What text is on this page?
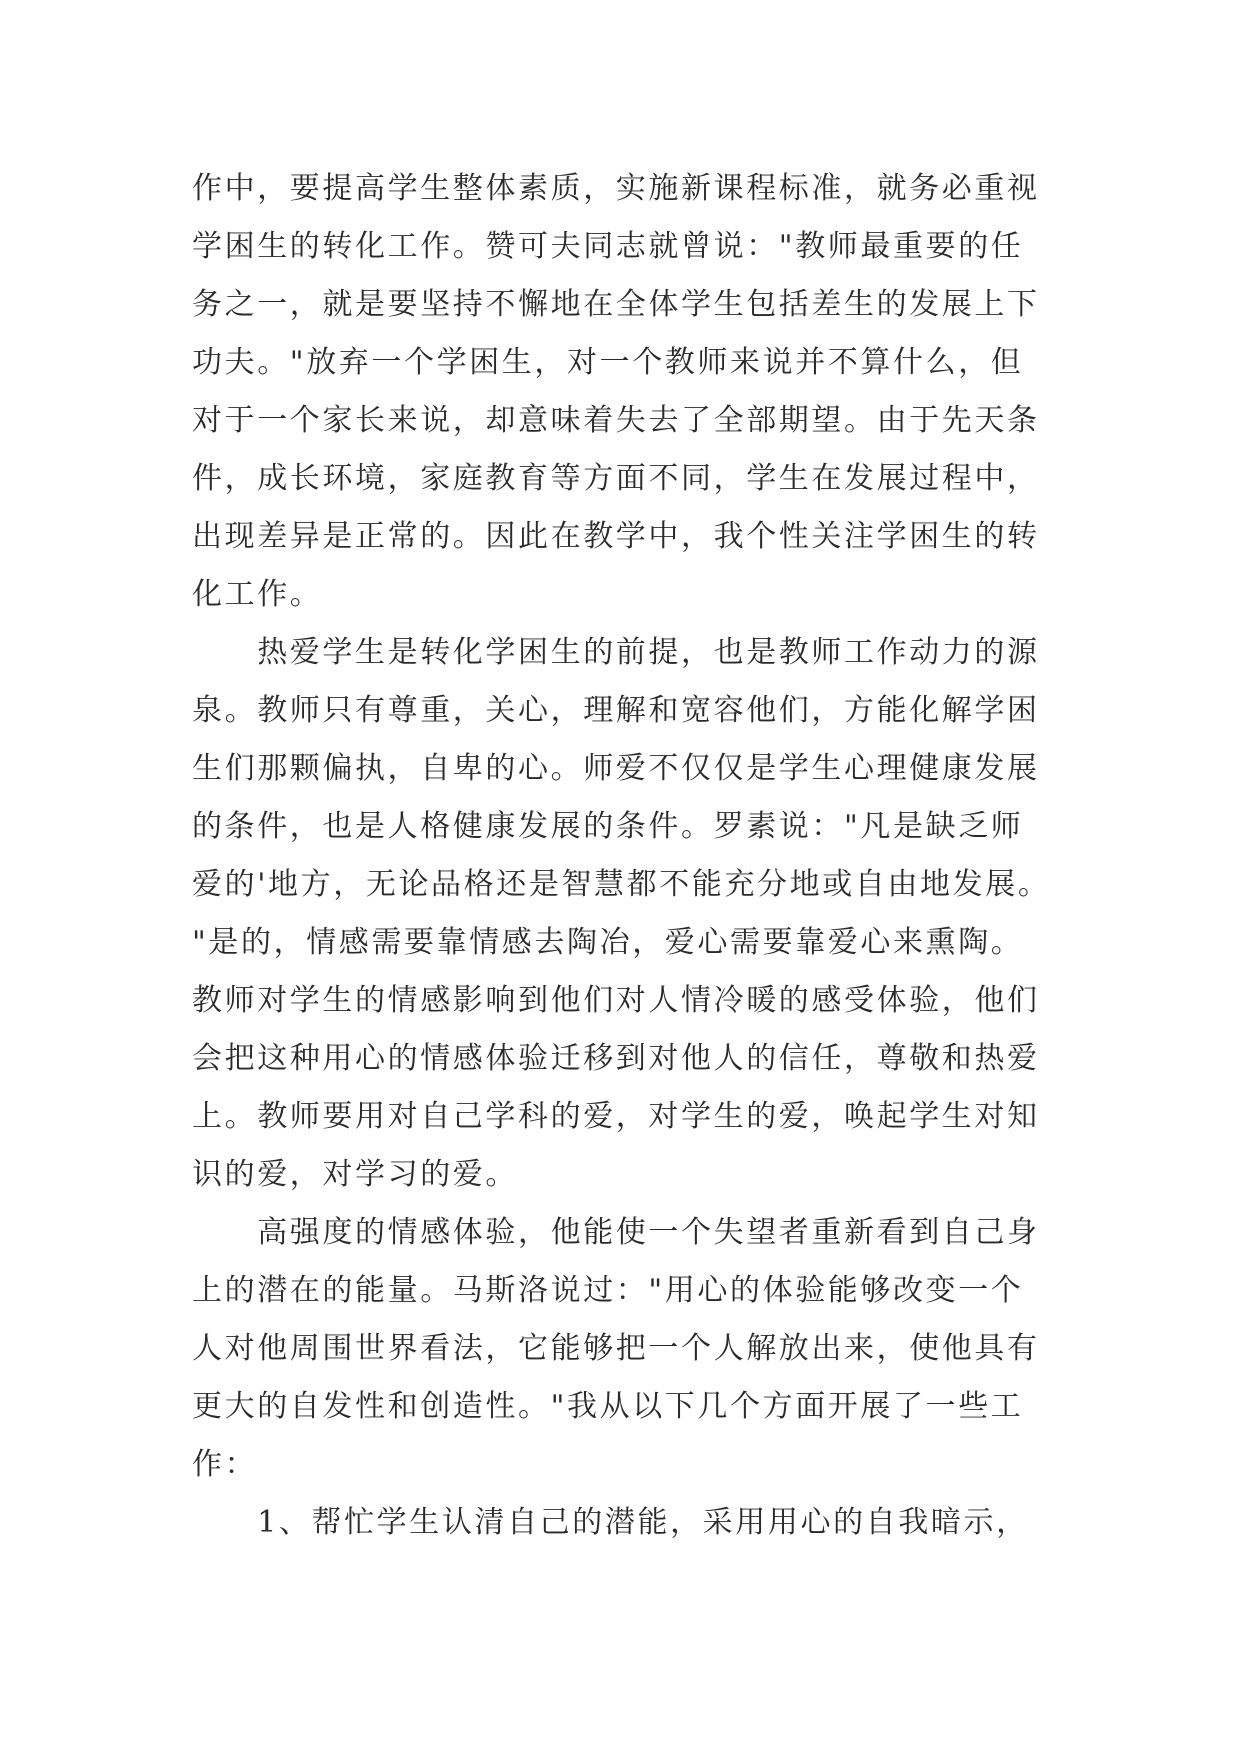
作中，要提高学生整体素质，实施新课程标准，就务必重视
学困生的转化工作。赞可夫同志就曾说："教师最重要的任
务之一，就是要坚持不懈地在全体学生包括差生的发展上下
功夫。"放弃一个学困生，对一个教师来说并不算什么，但
对于一个家长来说，却意味着失去了全部期望。由于先天条
件，成长环境，家庭教育等方面不同，学生在发展过程中，
出现差异是正常的。因此在教学中，我个性关注学困生的转
化工作。
　　热爱学生是转化学困生的前提，也是教师工作动力的源
泉。教师只有尊重，关心，理解和宽容他们，方能化解学困
生们那颗偏执，自卑的心。师爱不仅仅是学生心理健康发展
的条件，也是人格健康发展的条件。罗素说："凡是缺乏师
爱的'地方，无论品格还是智慧都不能充分地或自由地发展。
"是的，情感需要靠情感去陶冶，爱心需要靠爱心来熏陶。
教师对学生的情感影响到他们对人情冷暖的感受体验，他们
会把这种用心的情感体验迁移到对他人的信任，尊敬和热爱
上。教师要用对自己学科的爱，对学生的爱，唤起学生对知
识的爱，对学习的爱。
　　高强度的情感体验，他能使一个失望者重新看到自己身
上的潜在的能量。马斯洛说过："用心的体验能够改变一个
人对他周围世界看法，它能够把一个人解放出来，使他具有
更大的自发性和创造性。"我从以下几个方面开展了一些工
作：
　　1、帮忙学生认清自己的潜能，采用用心的自我暗示，
